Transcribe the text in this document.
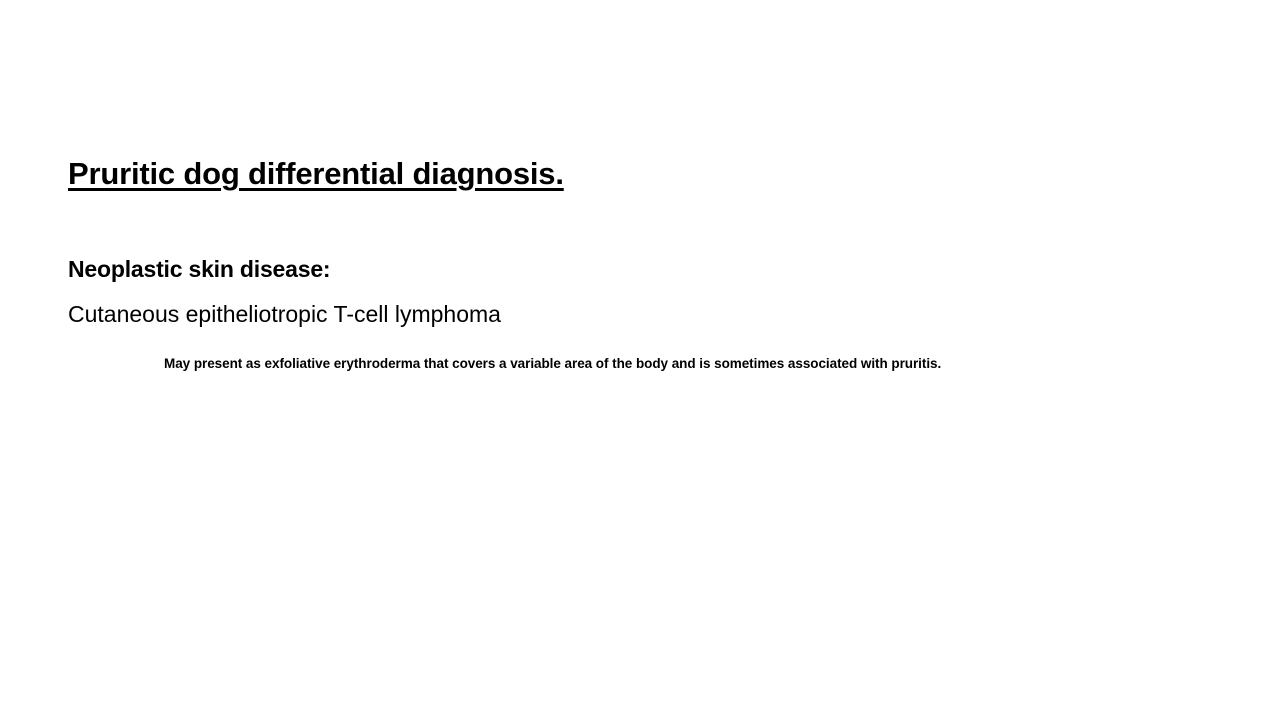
Pruritic dog differential diagnosis.
Neoplastic skin disease:
Cutaneous epitheliotropic T-cell lymphoma
May present as exfoliative erythroderma that covers a variable area of the body and is sometimes associated with pruritis.
